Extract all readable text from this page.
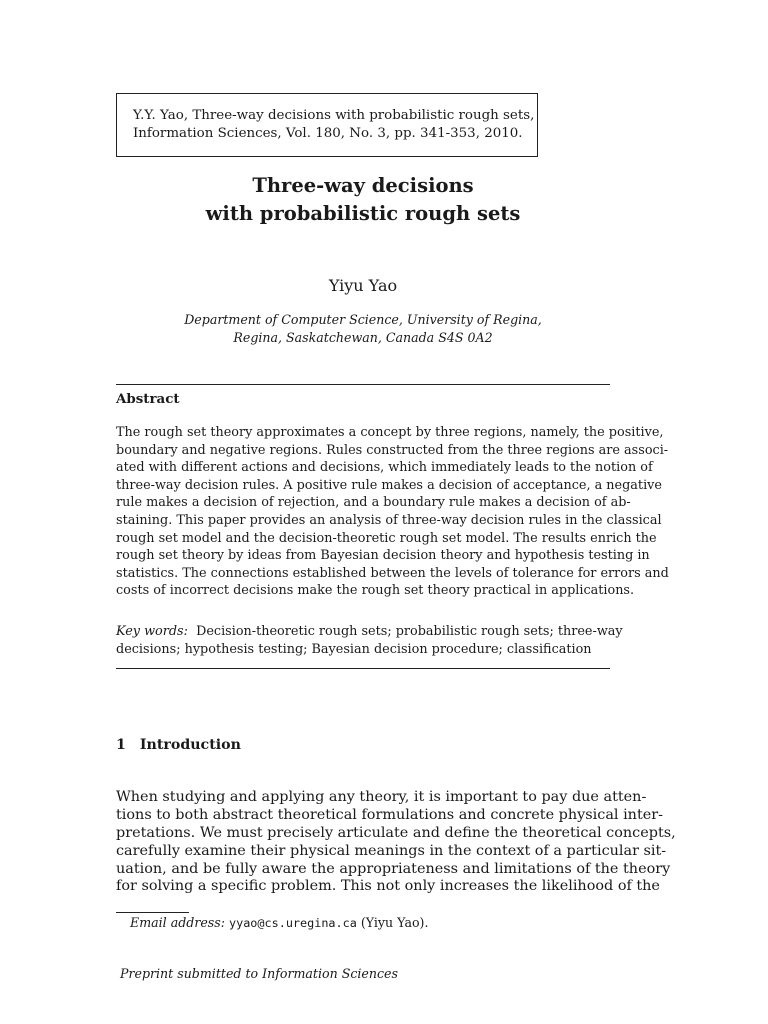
Y.Y. Yao, Three-way decisions with probabilistic rough sets,
Information Sciences, Vol. 180, No. 3, pp. 341-353, 2010.
Three-way decisions
with probabilistic rough sets
Yiyu Yao
Department of Computer Science, University of Regina,
Regina, Saskatchewan, Canada S4S 0A2
Abstract
The rough set theory approximates a concept by three regions, namely, the positive,
boundary and negative regions. Rules constructed from the three regions are associ-
ated with different actions and decisions, which immediately leads to the notion of
three-way decision rules. A positive rule makes a decision of acceptance, a negative
rule makes a decision of rejection, and a boundary rule makes a decision of ab-
staining. This paper provides an analysis of three-way decision rules in the classical
rough set model and the decision-theoretic rough set model. The results enrich the
rough set theory by ideas from Bayesian decision theory and hypothesis testing in
statistics. The connections established between the levels of tolerance for errors and
costs of incorrect decisions make the rough set theory practical in applications.
Key words: Decision-theoretic rough sets; probabilistic rough sets; three-way
decisions; hypothesis testing; Bayesian decision procedure; classification
1 Introduction
When studying and applying any theory, it is important to pay due atten-
tions to both abstract theoretical formulations and concrete physical inter-
pretations. We must precisely articulate and define the theoretical concepts,
carefully examine their physical meanings in the context of a particular sit-
uation, and be fully aware the appropriateness and limitations of the theory
for solving a specific problem. This not only increases the likelihood of the
Email address: yyao@cs.uregina.ca (Yiyu Yao).
Preprint submitted to Information Sciences
